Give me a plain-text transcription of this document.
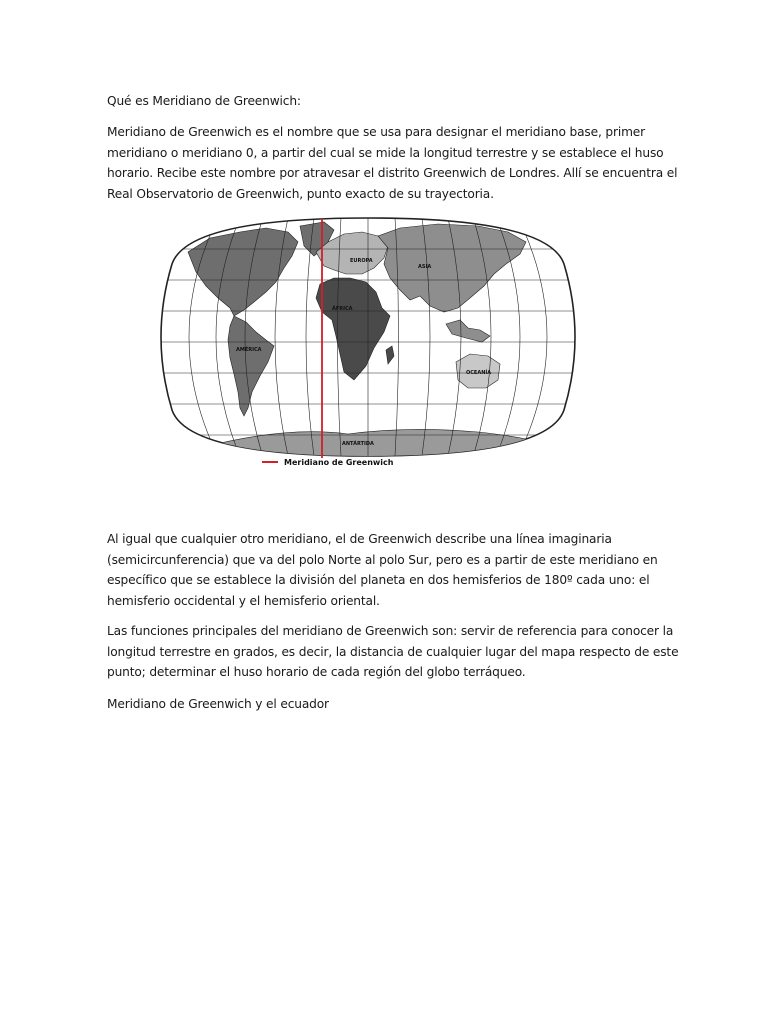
Qué es Meridiano de Greenwich:
Meridiano de Greenwich es el nombre que se usa para designar el meridiano base, primer
meridiano o meridiano 0, a partir del cual se mide la longitud terrestre y se establece el huso
horario. Recibe este nombre por atravesar el distrito Greenwich de Londres. Allí se encuentra el
Real Observatorio de Greenwich, punto exacto de su trayectoria.
EUROPA
ASIA
ÁFRICA
AMÉRICA
OCEANÍA
ANTÁRTIDA
Meridiano de Greenwich
Al igual que cualquier otro meridiano, el de Greenwich describe una línea imaginaria
(semicircunferencia) que va del polo Norte al polo Sur, pero es a partir de este meridiano en
específico que se establece la división del planeta en dos hemisferios de 180º cada uno: el
hemisferio occidental y el hemisferio oriental.
Las funciones principales del meridiano de Greenwich son: servir de referencia para conocer la
longitud terrestre en grados, es decir, la distancia de cualquier lugar del mapa respecto de este
punto; determinar el huso horario de cada región del globo terráqueo.
Meridiano de Greenwich y el ecuador
